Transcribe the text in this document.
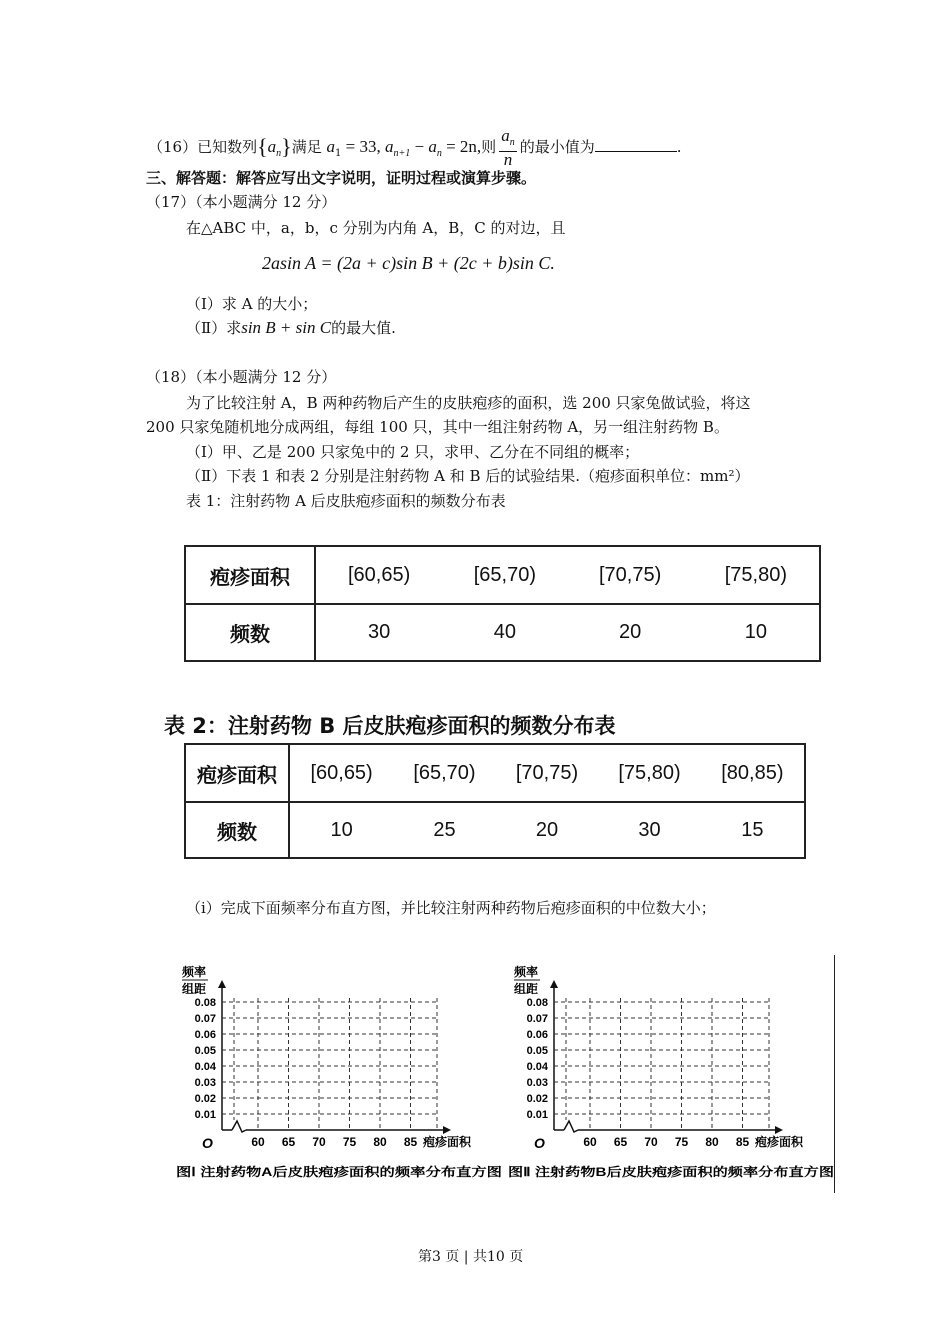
（16）已知数列$\{a_n\}$满足 $a_1 = 33$, $a_{n+1} - a_n = 2n$,则 $\frac{a_n}{n}$ 的最小值为	.
三、解答题：解答应写出文字说明，证明过程或演算步骤。
（17）（本小题满分 12 分）
在△ABC 中，a，b，c 分别为内角 A，B，C 的对边，且
2asin A = (2a + c)sin B + (2c + b)sin C.
（Ⅰ）求 A 的大小；
（Ⅱ）求sin B + sin C的最大值.
（18）（本小题满分 12 分）
为了比较注射 A，B 两种药物后产生的皮肤疱疹的面积，选 200 只家兔做试验，将这
200 只家兔随机地分成两组，每组 100 只，其中一组注射药物 A，另一组注射药物 B。
（Ⅰ）甲、乙是 200 只家兔中的 2 只，求甲、乙分在不同组的概率；
（Ⅱ）下表 1 和表 2 分别是注射药物 A 和 B 后的试验结果.（疱疹面积单位：mm²）
表 1：注射药物 A 后皮肤疱疹面积的频数分布表
疱疹面积	[60,65)	[65,70)	[70,75)	[75,80)
频数	30	40	20	10
表 2：注射药物 B 后皮肤疱疹面积的频数分布表
疱疹面积	[60,65)	[65,70)	[70,75)	[75,80)	[80,85)
频数	10	25	20	30	15
（ⅰ）完成下面频率分布直方图，并比较注射两种药物后疱疹面积的中位数大小；
频率
组距
O
0.08
0.07
0.06
0.05
0.04
0.03
0.02
0.01
60 65 70 75 80 85 疱疹面积
图Ⅰ 注射药物A后皮肤疱疹面积的频率分布直方图
频率
组距
O
0.08
0.07
0.06
0.05
0.04
0.03
0.02
0.01
60 65 70 75 80 85 疱疹面积
图Ⅱ 注射药物B后皮肤疱疹面积的频率分布直方图
第3 页 | 共10 页
